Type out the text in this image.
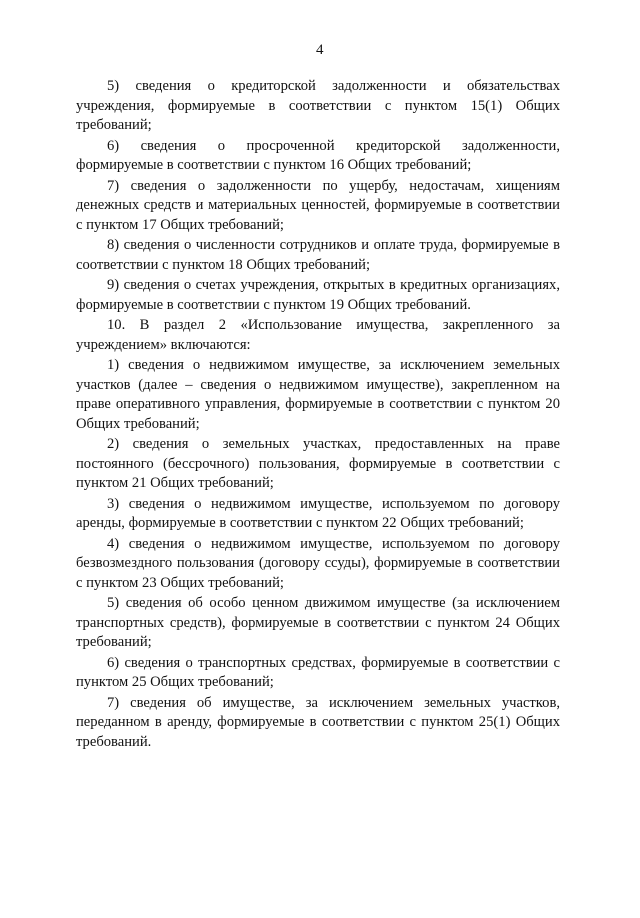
4

5) сведения о кредиторской задолженности и обязательствах учреждения, формируемые в соответствии с пунктом 15(1) Общих требований;

6) сведения о просроченной кредиторской задолженности, формируемые в соответствии с пунктом 16 Общих требований;

7) сведения о задолженности по ущербу, недостачам, хищениям денежных средств и материальных ценностей, формируемые в соответствии с пунктом 17 Общих требований;

8) сведения о численности сотрудников и оплате труда, формируемые в соответствии с пунктом 18 Общих требований;

9) сведения о счетах учреждения, открытых в кредитных организациях, формируемые в соответствии с пунктом 19 Общих требований.

10. В раздел 2 «Использование имущества, закрепленного за учреждением» включаются:

1) сведения о недвижимом имуществе, за исключением земельных участков (далее – сведения о недвижимом имуществе), закрепленном на праве оперативного управления, формируемые в соответствии с пунктом 20 Общих требований;

2) сведения о земельных участках, предоставленных на праве постоянного (бессрочного) пользования, формируемые в соответствии с пунктом 21 Общих требований;

3) сведения о недвижимом имуществе, используемом по договору аренды, формируемые в соответствии с пунктом 22 Общих требований;

4) сведения о недвижимом имуществе, используемом по договору безвозмездного пользования (договору ссуды), формируемые в соответствии с пунктом 23 Общих требований;

5) сведения об особо ценном движимом имуществе (за исключением транспортных средств), формируемые в соответствии с пунктом 24 Общих требований;

6) сведения о транспортных средствах, формируемые в соответствии с пунктом 25 Общих требований;

7) сведения об имуществе, за исключением земельных участков, переданном в аренду, формируемые в соответствии с пунктом 25(1) Общих требований.
